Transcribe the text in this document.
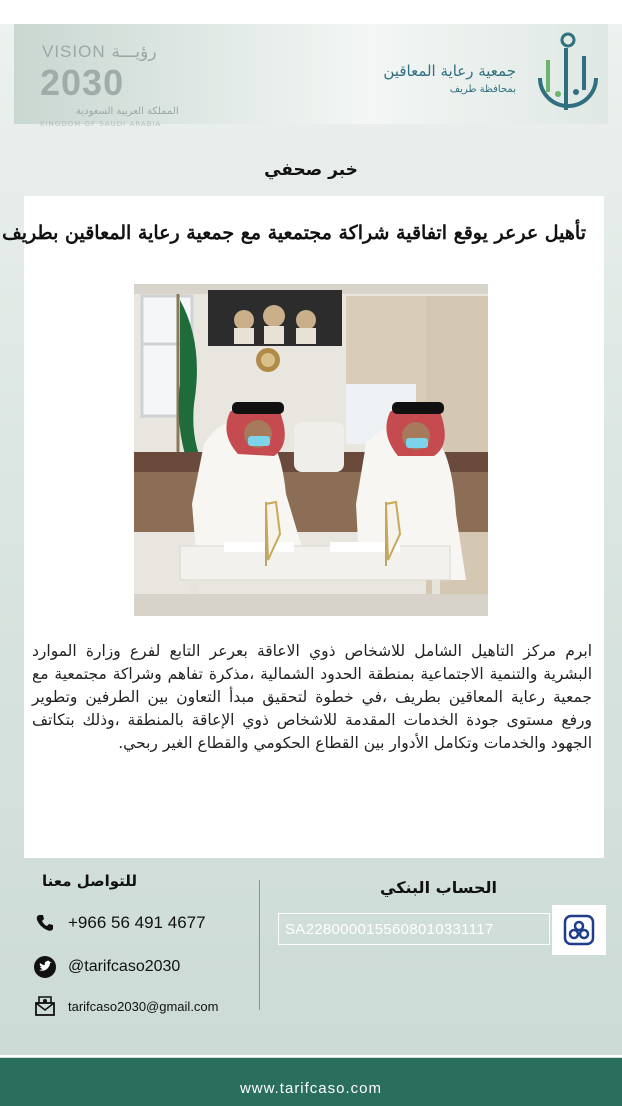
VISION رؤيـــة
2030
المملكة العربية السعودية
KINGDOM OF SAUDI ARABIA
جمعية رعاية المعاقين
بمحافظة طريف
خبر صحفي
تأهيل عرعر يوقع اتفاقية شراكة مجتمعية مع جمعية رعاية المعاقين بطريف
ابرم مركز التاهيل الشامل للاشخاص ذوي الاعاقة بعرعر التابع لفرع وزارة الموارد البشرية والتنمية الاجتماعية بمنطقة الحدود الشمالية ،مذكرة تفاهم وشراكة مجتمعية مع جمعية رعاية المعاقين بطريف ،في خطوة لتحقيق مبدأ التعاون بين الطرفين وتطوير ورفع مستوى جودة الخدمات المقدمة للاشخاص ذوي الإعاقة بالمنطقة ،وذلك بتكاتف الجهود والخدمات وتكامل الأدوار بين القطاع الحكومي والقطاع الغير ربحي.
للتواصل معنا
+966 56 491 4677
@tarifcaso2030
tarifcaso2030@gmail.com
الحساب البنكي
SA2280000155608010331117
www.tarifcaso.com
